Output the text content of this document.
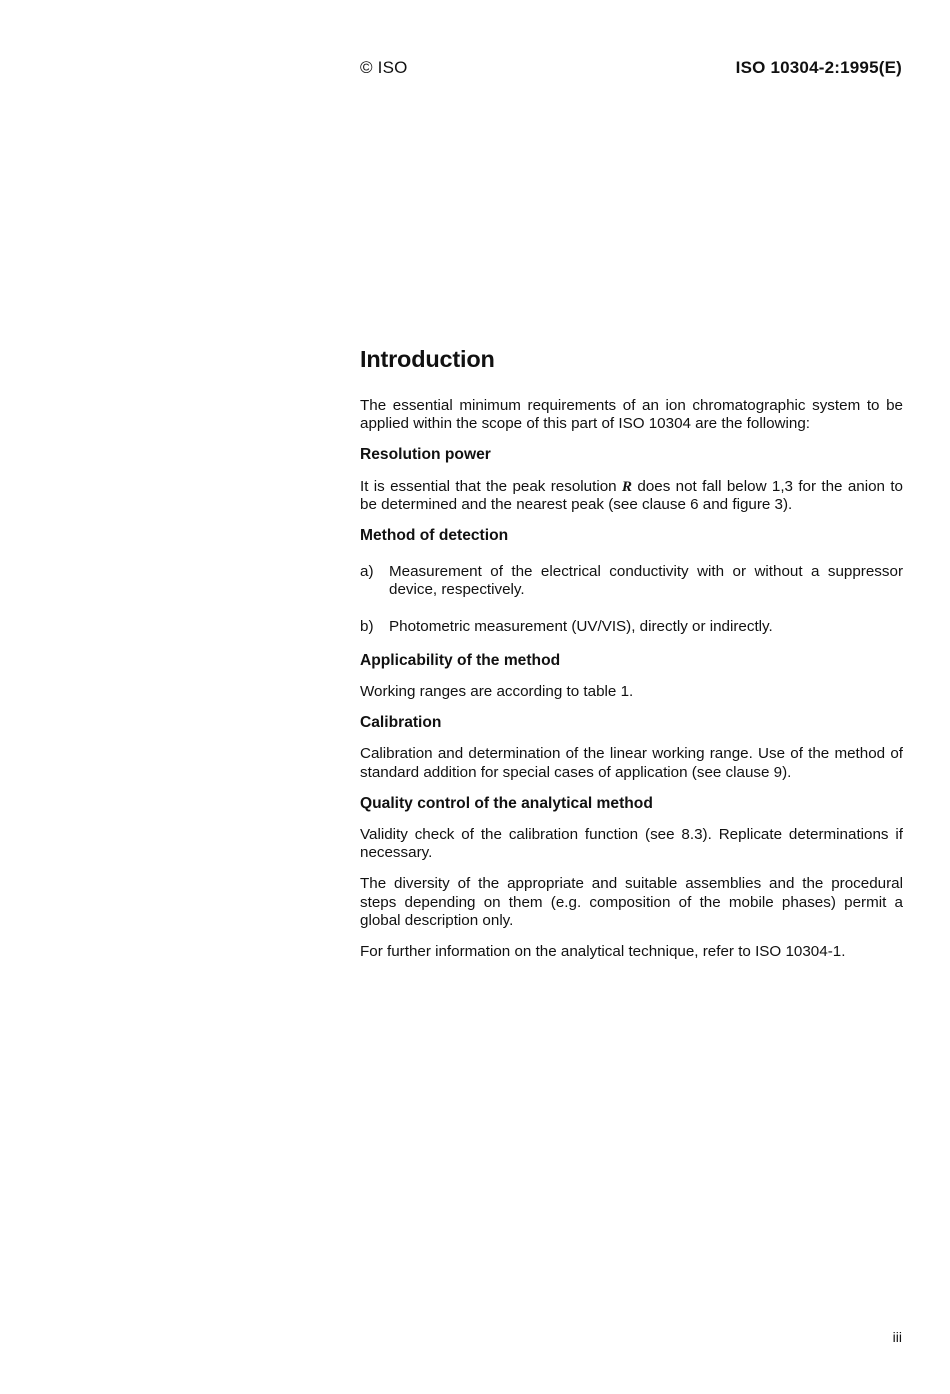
© ISO	ISO 10304-2:1995(E)
Introduction

The essential minimum requirements of an ion chromatographic system to be applied within the scope of this part of ISO 10304 are the following:

Resolution power

It is essential that the peak resolution R does not fall below 1,3 for the anion to be determined and the nearest peak (see clause 6 and figure 3).

Method of detection
a)	Measurement of the electrical conductivity with or without a suppressor device, respectively.
b)	Photometric measurement (UV/VIS), directly or indirectly.
Applicability of the method

Working ranges are according to table 1.

Calibration

Calibration and determination of the linear working range. Use of the method of standard addition for special cases of application (see clause 9).

Quality control of the analytical method

Validity check of the calibration function (see 8.3). Replicate determinations if necessary.

The diversity of the appropriate and suitable assemblies and the procedural steps depending on them (e.g. composition of the mobile phases) permit a global description only.

For further information on the analytical technique, refer to ISO 10304-1.

iii
